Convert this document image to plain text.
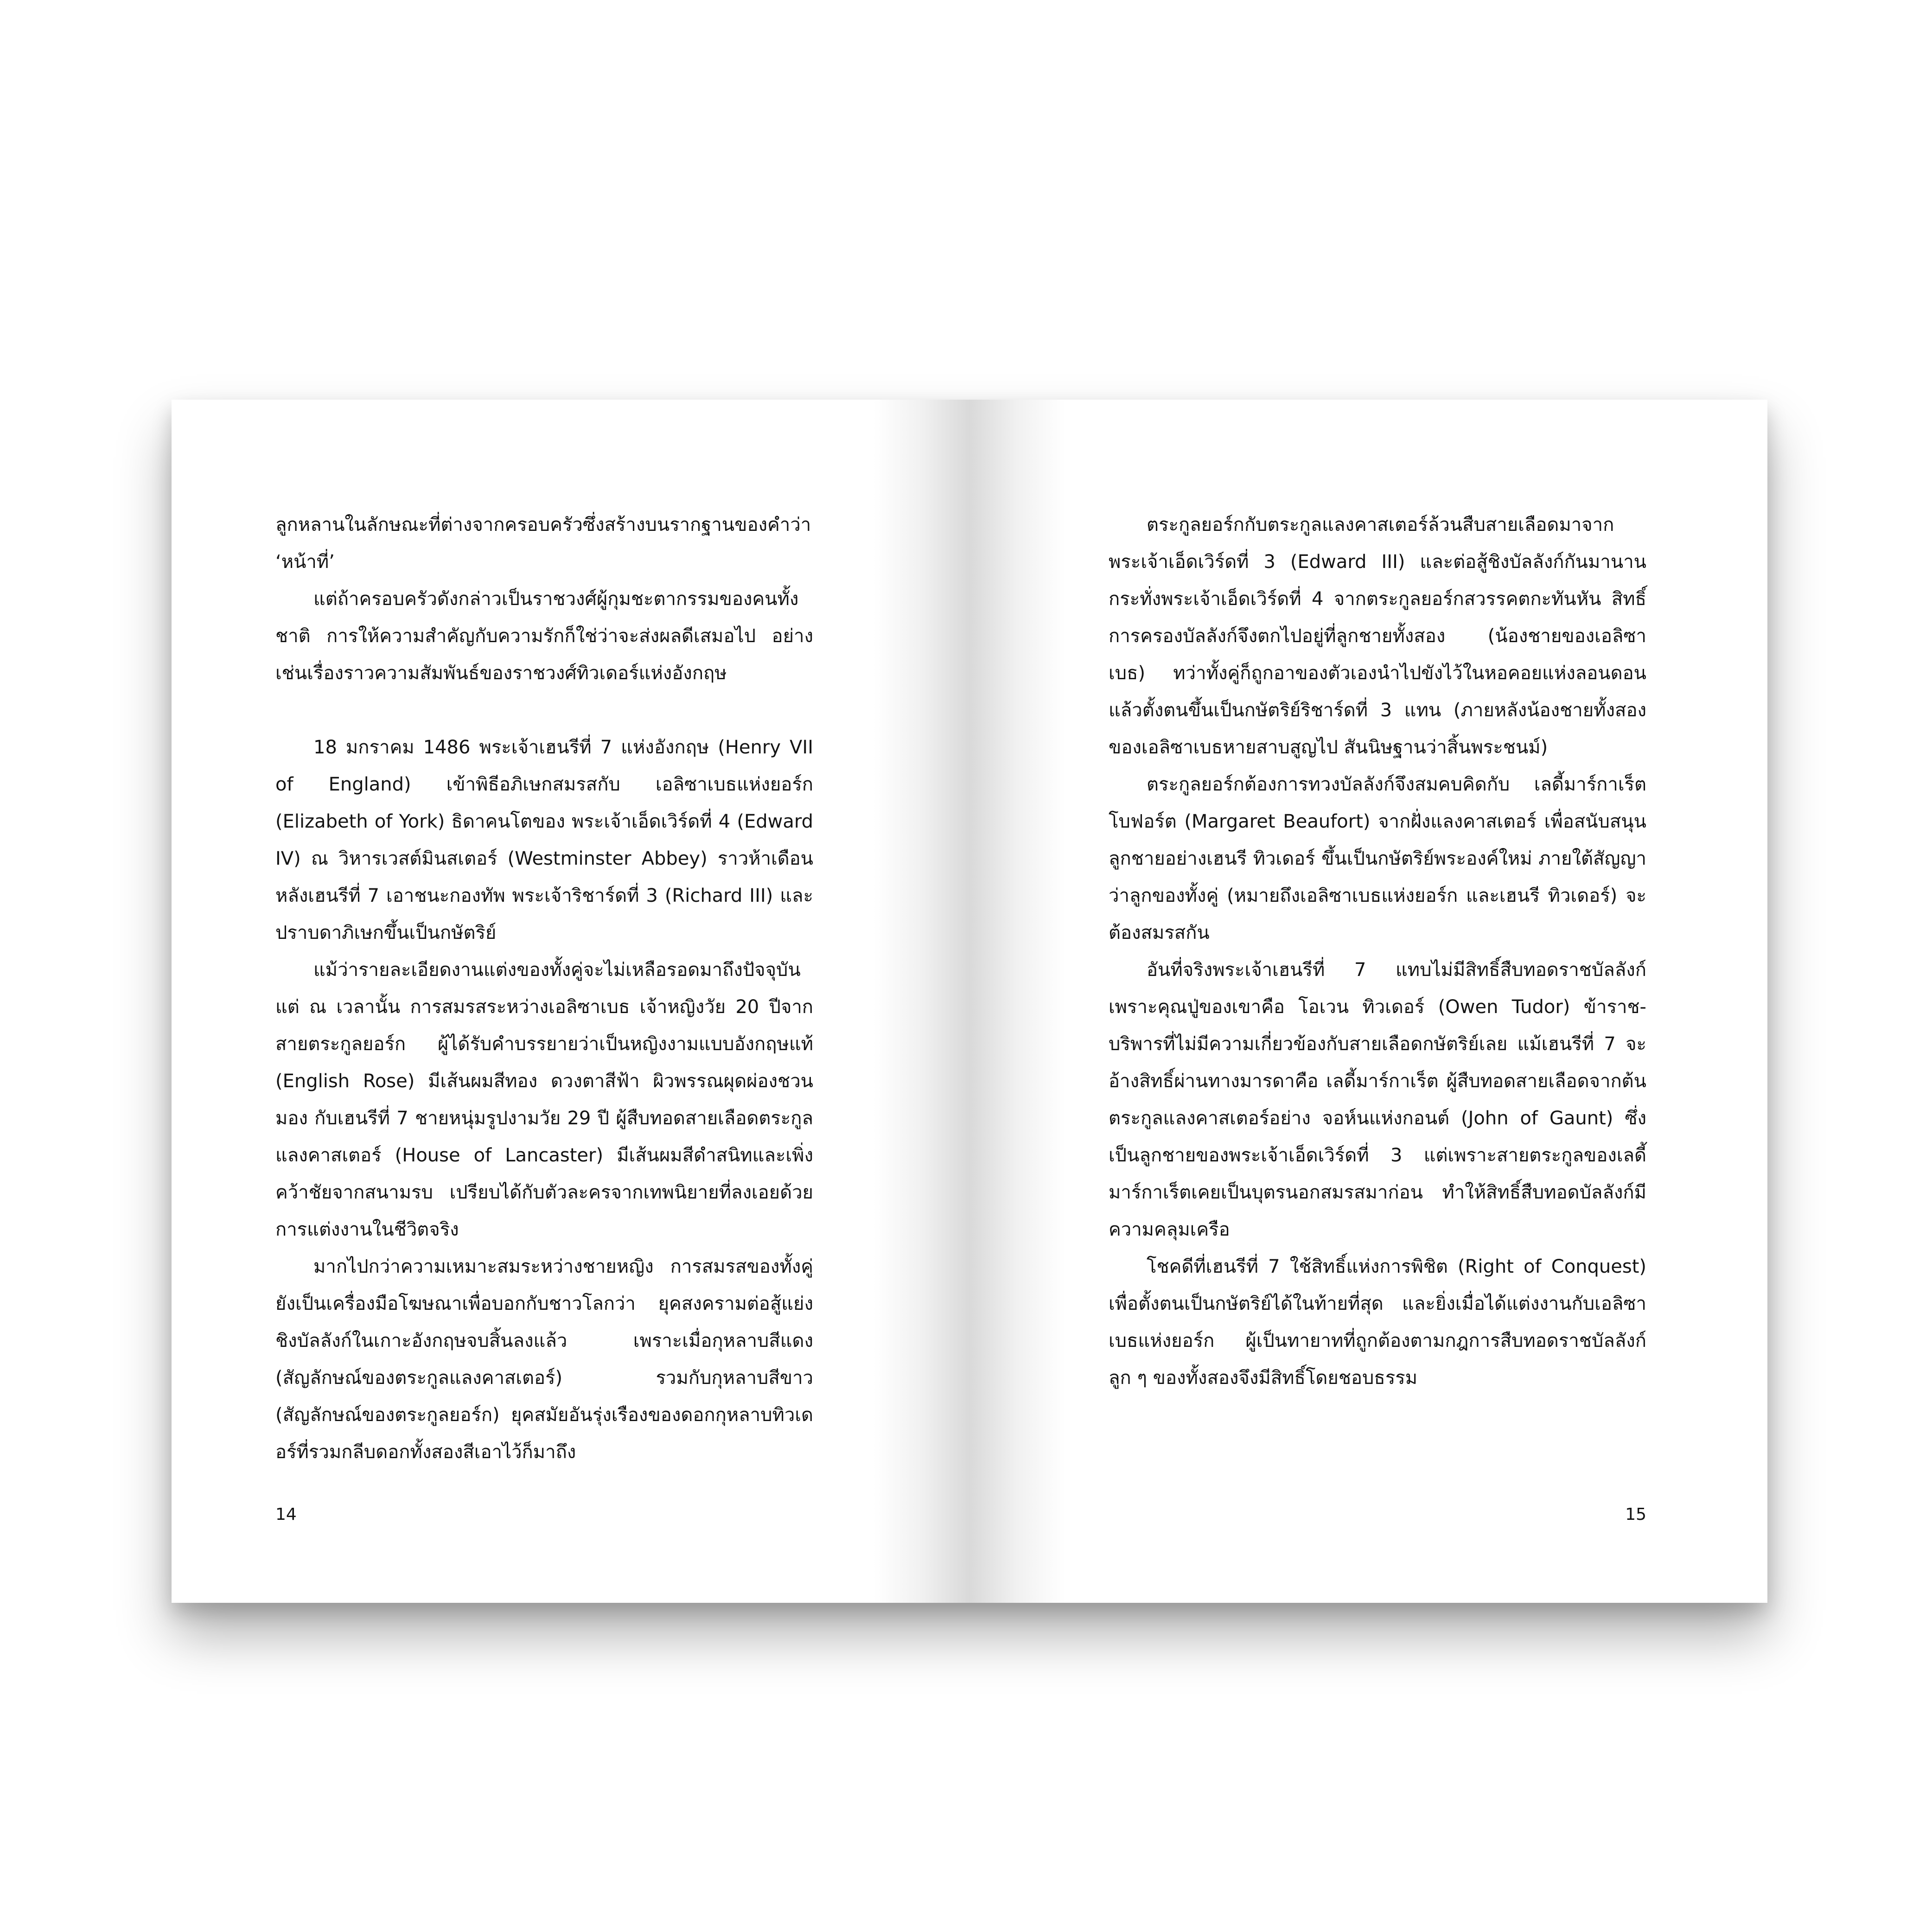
ลูกหลานในลักษณะที่ต่างจากครอบครัวซึ่งสร้างบนรากฐานของคำว่า ‘หน้าที่’

แต่ถ้าครอบครัวดังกล่าวเป็นราชวงศ์ผู้กุมชะตากรรมของคนทั้งชาติ การให้ความสำคัญกับความรักก็ใช่ว่าจะส่งผลดีเสมอไป อย่างเช่นเรื่องราวความสัมพันธ์ของราชวงศ์ทิวเดอร์แห่งอังกฤษ

18 มกราคม 1486 พระเจ้าเฮนรีที่ 7 แห่งอังกฤษ (Henry VII of England) เข้าพิธีอภิเษกสมรสกับ เอลิซาเบธแห่งยอร์ก (Elizabeth of York) ธิดาคนโตของ พระเจ้าเอ็ดเวิร์ดที่ 4 (Edward IV) ณ วิหารเวสต์มินสเตอร์ (Westminster Abbey) ราวห้าเดือนหลังเฮนรีที่ 7 เอาชนะกองทัพ พระเจ้าริชาร์ดที่ 3 (Richard III) และปราบดาภิเษกขึ้นเป็นกษัตริย์

แม้ว่ารายละเอียดงานแต่งของทั้งคู่จะไม่เหลือรอดมาถึงปัจจุบัน แต่ ณ เวลานั้น การสมรสระหว่างเอลิซาเบธ เจ้าหญิงวัย 20 ปีจากสายตระกูลยอร์ก ผู้ได้รับคำบรรยายว่าเป็นหญิงงามแบบอังกฤษแท้ (English Rose) มีเส้นผมสีทอง ดวงตาสีฟ้า ผิวพรรณผุดผ่องชวนมอง กับเฮนรีที่ 7 ชายหนุ่มรูปงามวัย 29 ปี ผู้สืบทอดสายเลือดตระกูลแลงคาสเตอร์ (House of Lancaster) มีเส้นผมสีดำสนิทและเพิ่งคว้าชัยจากสนามรบ เปรียบได้กับตัวละครจากเทพนิยายที่ลงเอยด้วยการแต่งงานในชีวิตจริง

มากไปกว่าความเหมาะสมระหว่างชายหญิง การสมรสของทั้งคู่ยังเป็นเครื่องมือโฆษณาเพื่อบอกกับชาวโลกว่า ยุคสงครามต่อสู้แย่งชิงบัลลังก์ในเกาะอังกฤษจบสิ้นลงแล้ว เพราะเมื่อกุหลาบสีแดง (สัญลักษณ์ของตระกูลแลงคาสเตอร์) รวมกับกุหลาบสีขาว (สัญลักษณ์ของตระกูลยอร์ก) ยุคสมัยอันรุ่งเรืองของดอกกุหลาบทิวเดอร์ที่รวมกลีบดอกทั้งสองสีเอาไว้ก็มาถึง

14

ตระกูลยอร์กกับตระกูลแลงคาสเตอร์ล้วนสืบสายเลือดมาจากพระเจ้าเอ็ดเวิร์ดที่ 3 (Edward III) และต่อสู้ชิงบัลลังก์กันมานาน กระทั่งพระเจ้าเอ็ดเวิร์ดที่ 4 จากตระกูลยอร์กสวรรคตกะทันหัน สิทธิ์การครองบัลลังก์จึงตกไปอยู่ที่ลูกชายทั้งสอง (น้องชายของเอลิซาเบธ) ทว่าทั้งคู่ก็ถูกอาของตัวเองนำไปขังไว้ในหอคอยแห่งลอนดอน แล้วตั้งตนขึ้นเป็นกษัตริย์ริชาร์ดที่ 3 แทน (ภายหลังน้องชายทั้งสองของเอลิซาเบธหายสาบสูญไป สันนิษฐานว่าสิ้นพระชนม์)

ตระกูลยอร์กต้องการทวงบัลลังก์จึงสมคบคิดกับ เลดี้มาร์กาเร็ต โบฟอร์ต (Margaret Beaufort) จากฝั่งแลงคาสเตอร์ เพื่อสนับสนุนลูกชายอย่างเฮนรี ทิวเดอร์ ขึ้นเป็นกษัตริย์พระองค์ใหม่ ภายใต้สัญญาว่าลูกของทั้งคู่ (หมายถึงเอลิซาเบธแห่งยอร์ก และเฮนรี ทิวเดอร์) จะต้องสมรสกัน

อันที่จริงพระเจ้าเฮนรีที่ 7 แทบไม่มีสิทธิ์สืบทอดราชบัลลังก์ เพราะคุณปู่ของเขาคือ โอเวน ทิวเดอร์ (Owen Tudor) ข้าราช-บริพารที่ไม่มีความเกี่ยวข้องกับสายเลือดกษัตริย์เลย แม้เฮนรีที่ 7 จะอ้างสิทธิ์ผ่านทางมารดาคือ เลดี้มาร์กาเร็ต ผู้สืบทอดสายเลือดจากต้นตระกูลแลงคาสเตอร์อย่าง จอห์นแห่งกอนต์ (John of Gaunt) ซึ่งเป็นลูกชายของพระเจ้าเอ็ดเวิร์ดที่ 3 แต่เพราะสายตระกูลของเลดี้มาร์กาเร็ตเคยเป็นบุตรนอกสมรสมาก่อน ทำให้สิทธิ์สืบทอดบัลลังก์มีความคลุมเครือ

โชคดีที่เฮนรีที่ 7 ใช้สิทธิ์แห่งการพิชิต (Right of Conquest) เพื่อตั้งตนเป็นกษัตริย์ได้ในท้ายที่สุด และยิ่งเมื่อได้แต่งงานกับเอลิซาเบธแห่งยอร์ก ผู้เป็นทายาทที่ถูกต้องตามกฎการสืบทอดราชบัลลังก์ ลูก ๆ ของทั้งสองจึงมีสิทธิ์โดยชอบธรรม

15
